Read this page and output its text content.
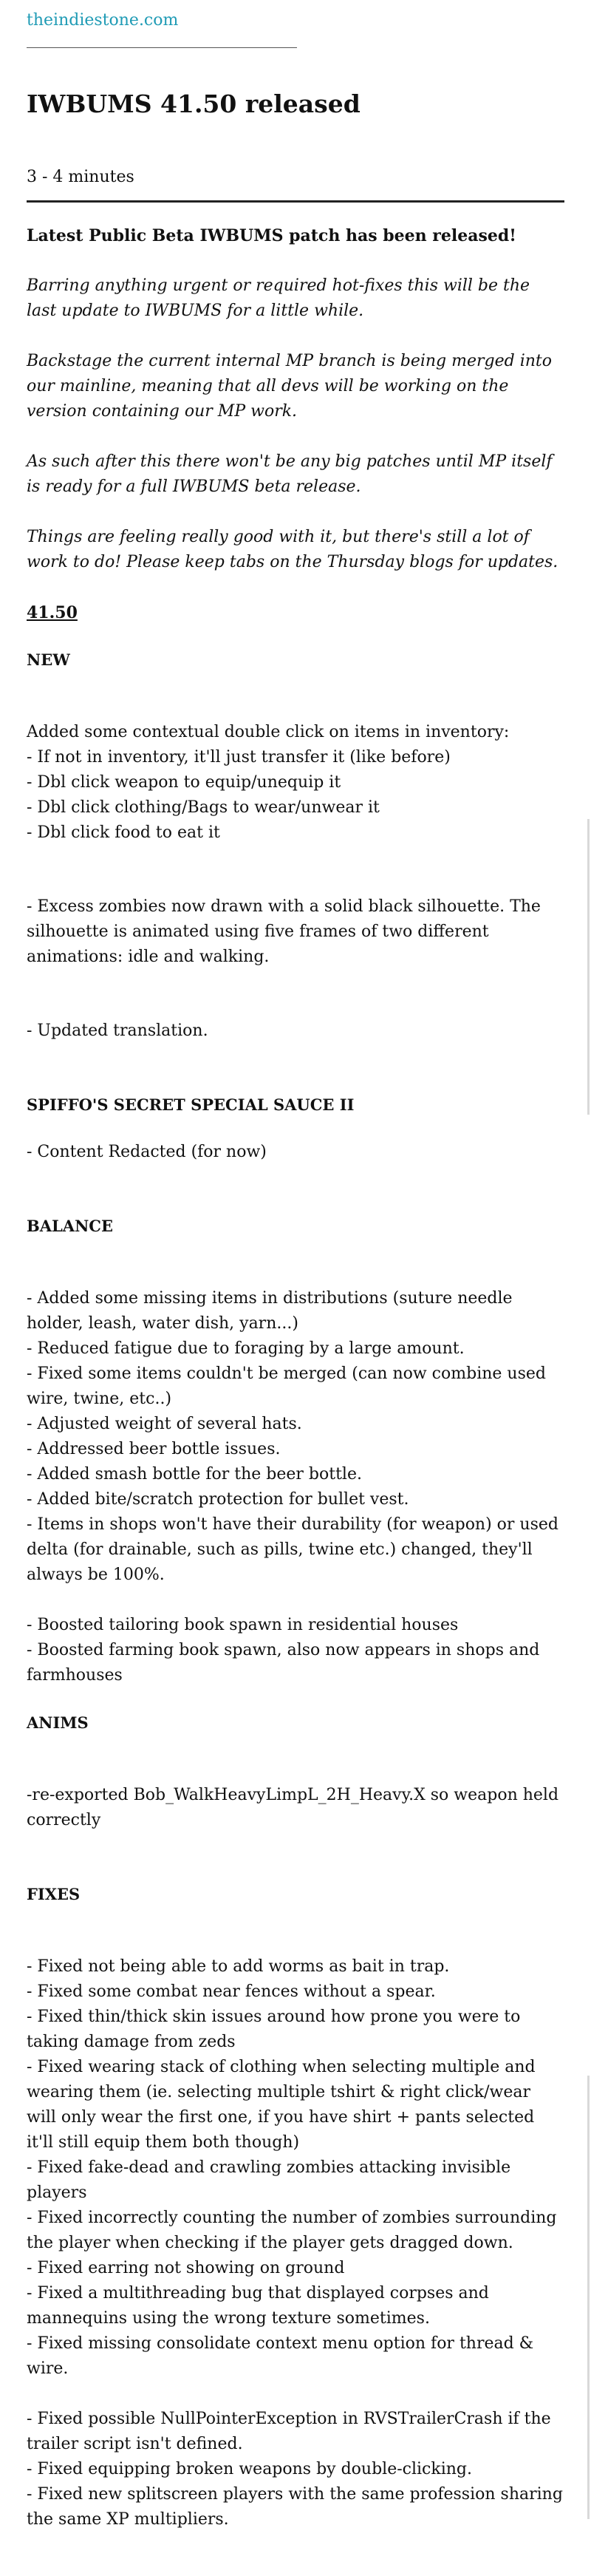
theindiestone.com
IWBUMS 41.50 released
3 - 4 minutes

Latest Public Beta IWBUMS patch has been released!

Barring anything urgent or required hot-fixes this will be the last update to IWBUMS for a little while.

Backstage the current internal MP branch is being merged into our mainline, meaning that all devs will be working on the version containing our MP work.

As such after this there won't be any big patches until MP itself is ready for a full IWBUMS beta release.

Things are feeling really good with it, but there's still a lot of work to do! Please keep tabs on the Thursday blogs for updates.

41.50

NEW

Added some contextual double click on items in inventory:

- If not in inventory, it'll just transfer it (like before)
- Dbl click weapon to equip/unequip it
- Dbl click clothing/Bags to wear/unwear it
- Dbl click food to eat it

- Excess zombies now drawn with a solid black silhouette. The silhouette is animated using five frames of two different animations: idle and walking.

- Updated translation.

SPIFFO'S SECRET SPECIAL SAUCE II

- Content Redacted (for now)

BALANCE

- Added some missing items in distributions (suture needle holder, leash, water dish, yarn...)
- Reduced fatigue due to foraging by a large amount.
- Fixed some items couldn't be merged (can now combine used wire, twine, etc..)
- Adjusted weight of several hats.
- Addressed beer bottle issues.
- Added smash bottle for the beer bottle.
- Added bite/scratch protection for bullet vest.
- Items in shops won't have their durability (for weapon) or used delta (for drainable, such as pills, twine etc.) changed, they'll always be 100%.
- Boosted tailoring book spawn in residential houses
- Boosted farming book spawn, also now appears in shops and farmhouses

ANIMS

-re-exported Bob_WalkHeavyLimpL_2H_Heavy.X so weapon held correctly

FIXES

- Fixed not being able to add worms as bait in trap.
- Fixed some combat near fences without a spear.
- Fixed thin/thick skin issues around how prone you were to taking damage from zeds
- Fixed wearing stack of clothing when selecting multiple and wearing them (ie. selecting multiple tshirt & right click/wear will only wear the first one, if you have shirt + pants selected it'll still equip them both though)
- Fixed fake-dead and crawling zombies attacking invisible players
- Fixed incorrectly counting the number of zombies surrounding the player when checking if the player gets dragged down.
- Fixed earring not showing on ground
- Fixed a multithreading bug that displayed corpses and mannequins using the wrong texture sometimes.
- Fixed missing consolidate context menu option for thread & wire.
- Fixed possible NullPointerException in RVSTrailerCrash if the trailer script isn't defined.
- Fixed equipping broken weapons by double-clicking.
- Fixed new splitscreen players with the same profession sharing the same XP multipliers.
